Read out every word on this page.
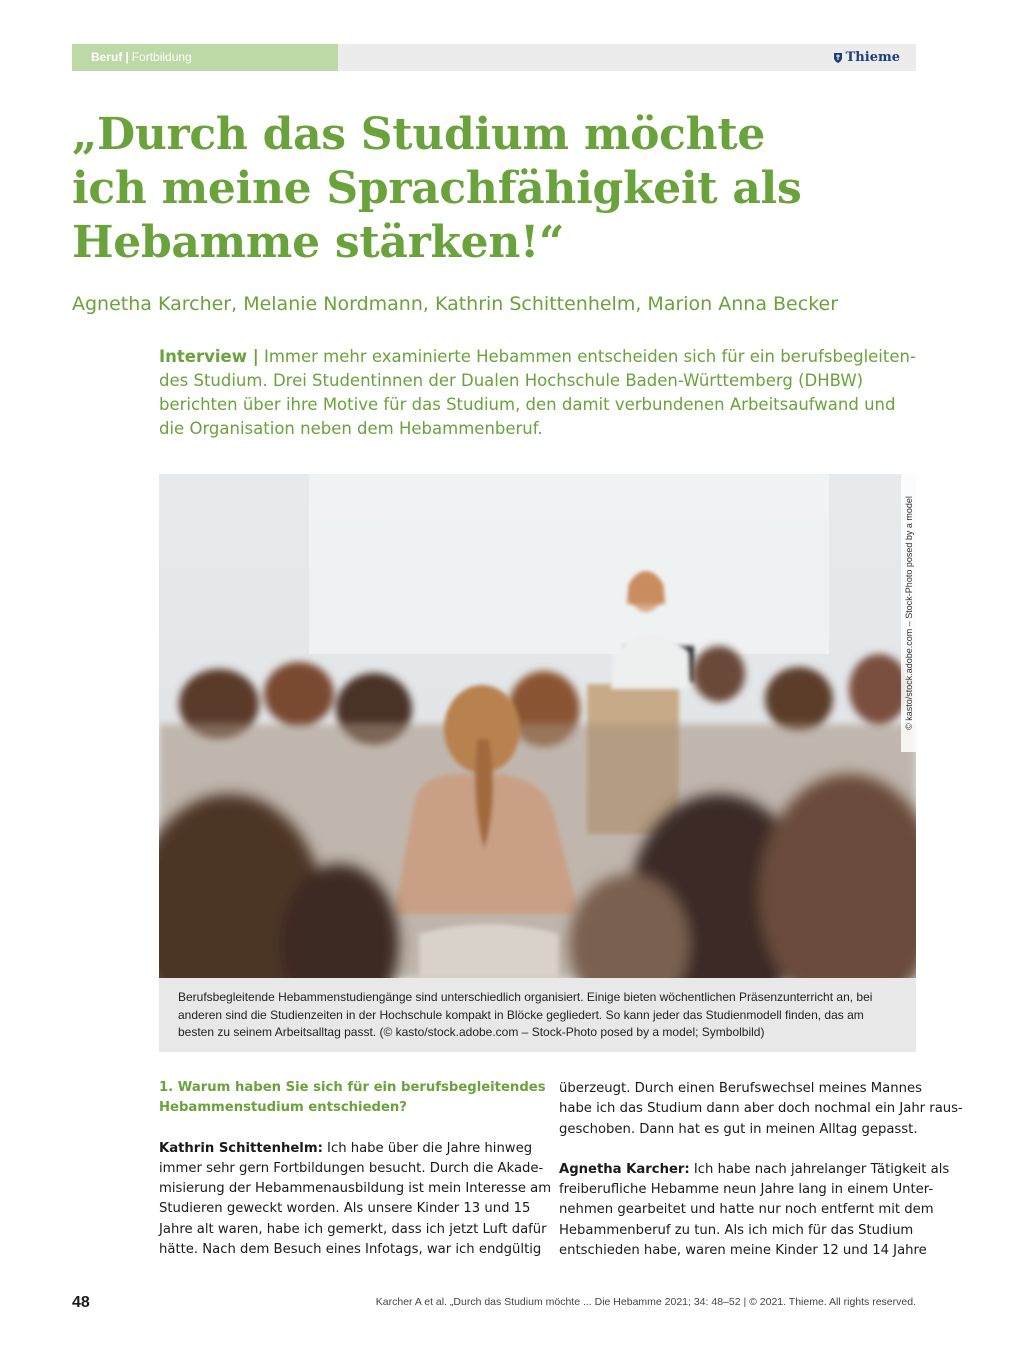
Beruf | Fortbildung	Thieme
„Durch das Studium möchte
ich meine Sprachfähigkeit als
Hebamme stärken!“
Agnetha Karcher, Melanie Nordmann, Kathrin Schittenhelm, Marion Anna Becker
Interview | Immer mehr examinierte Hebammen entscheiden sich für ein berufsbegleiten-
des Studium. Drei Studentinnen der Dualen Hochschule Baden-Württemberg (DHBW)
berichten über ihre Motive für das Studium, den damit verbundenen Arbeitsaufwand und
die Organisation neben dem Hebammenberuf.
© kasto/stock.adobe.com – Stock-Photo posed by a model
Berufsbegleitende Hebammenstudiengänge sind unterschiedlich organisiert. Einige bieten wöchentlichen Präsenzunterricht an, bei
anderen sind die Studienzeiten in der Hochschule kompakt in Blöcke gegliedert. So kann jeder das Studienmodell finden, das am
besten zu seinem Arbeitsalltag passt. (© kasto/stock.adobe.com – Stock-Photo posed by a model; Symbolbild)
1. Warum haben Sie sich für ein berufsbegleitendes
Hebammenstudium entschieden?
Kathrin Schittenhelm: Ich habe über die Jahre hinweg
immer sehr gern Fortbildungen besucht. Durch die Akade-
misierung der Hebammenausbildung ist mein Interesse am
Studieren geweckt worden. Als unsere Kinder 13 und 15
Jahre alt waren, habe ich gemerkt, dass ich jetzt Luft dafür
hätte. Nach dem Besuch eines Infotags, war ich endgültig
überzeugt. Durch einen Berufswechsel meines Mannes
habe ich das Studium dann aber doch nochmal ein Jahr raus-
geschoben. Dann hat es gut in meinen Alltag gepasst.
Agnetha Karcher: Ich habe nach jahrelanger Tätigkeit als
freiberufliche Hebamme neun Jahre lang in einem Unter-
nehmen gearbeitet und hatte nur noch entfernt mit dem
Hebammenberuf zu tun. Als ich mich für das Studium
entschieden habe, waren meine Kinder 12 und 14 Jahre
48	Karcher A et al. „Durch das Studium möchte ... Die Hebamme 2021; 34: 48–52 | © 2021. Thieme. All rights reserved.
